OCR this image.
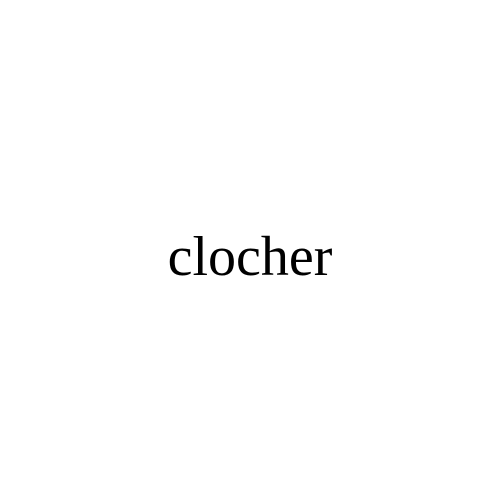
clocher
